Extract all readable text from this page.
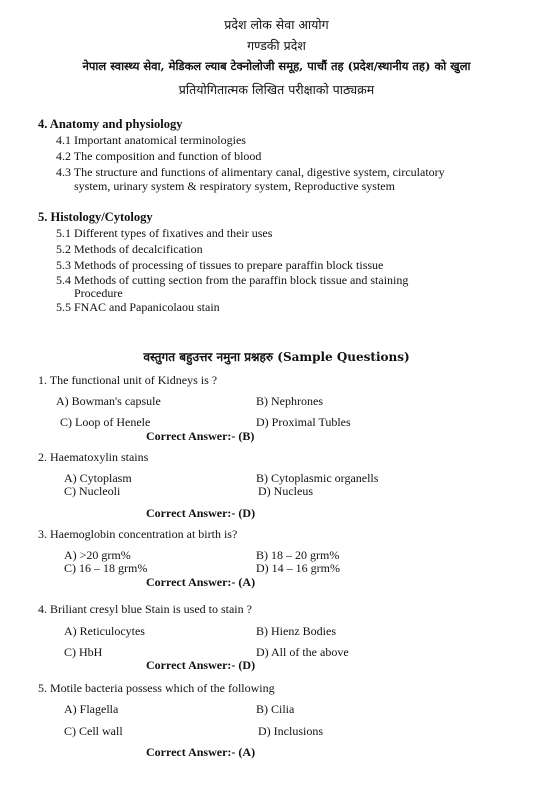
प्रदेश लोक सेवा आयोग
गण्डकी प्रदेश
नेपाल स्वास्थ्य सेवा, मेडिकल ल्याब टेक्नोलोजी समूह, पाचौं तह (प्रदेश/स्थानीय तह) को खुला
प्रतियोगितात्मक लिखित परीक्षाको पाठ्यक्रम
4. Anatomy and physiology
4.1 Important anatomical terminologies
4.2 The composition and function of blood
4.3 The structure and functions of alimentary canal, digestive system, circulatory
system, urinary system & respiratory system, Reproductive system
5. Histology/Cytology
5.1 Different types of fixatives and their uses
5.2 Methods of decalcification
5.3 Methods of processing of tissues to prepare paraffin block tissue
5.4 Methods of cutting section from the paraffin block tissue and staining
Procedure
5.5 FNAC and Papanicolaou stain
वस्तुगत बहुउत्तर नमुना प्रश्नहरु (Sample Questions)
1. The functional unit of Kidneys is ?
A) Bowman's capsule	B) Nephrones
C) Loop of Henele	D) Proximal Tubles
Correct Answer:- (B)
2. Haematoxylin stains
A) Cytoplasm	B) Cytoplasmic organells
C) Nucleoli	D) Nucleus
Correct Answer:- (D)
3. Haemoglobin concentration at birth is?
A) >20 grm%	B) 18 – 20 grm%
C) 16 – 18 grm%	D) 14 – 16 grm%
Correct Answer:- (A)
4. Briliant cresyl blue Stain is used to stain ?
A) Reticulocytes	B) Hienz Bodies
C) HbH	D) All of the above
Correct Answer:- (D)
5. Motile bacteria possess which of the following
A) Flagella	B) Cilia
C) Cell wall	D) Inclusions
Correct Answer:- (A)
